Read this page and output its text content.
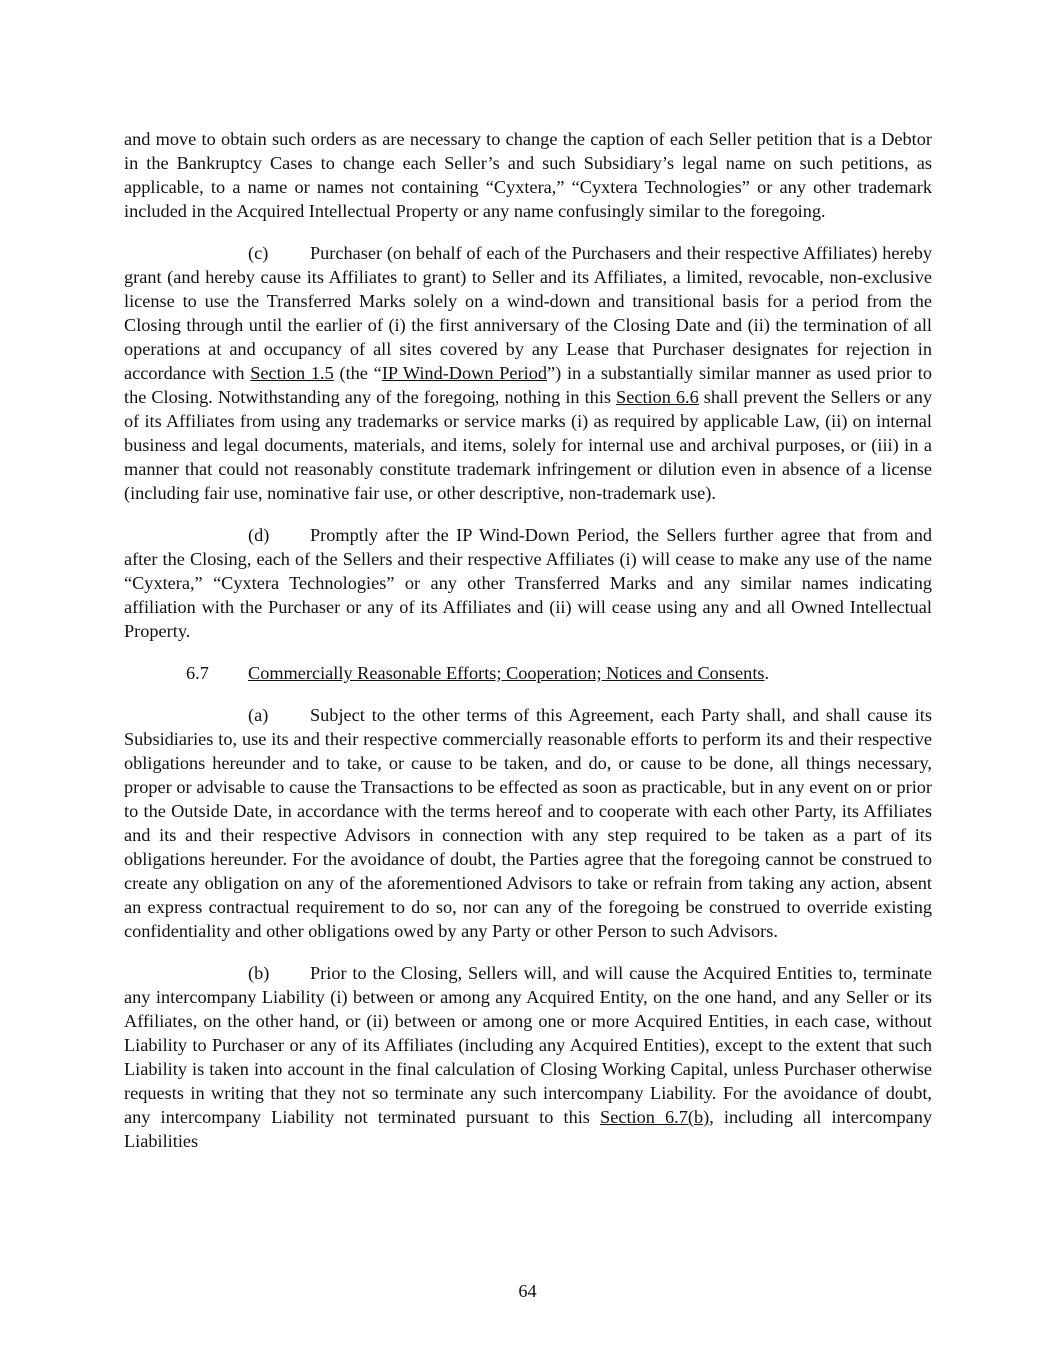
and move to obtain such orders as are necessary to change the caption of each Seller petition that is a Debtor in the Bankruptcy Cases to change each Seller’s and such Subsidiary’s legal name on such petitions, as applicable, to a name or names not containing “Cyxtera,” “Cyxtera Technologies” or any other trademark included in the Acquired Intellectual Property or any name confusingly similar to the foregoing.

(c) Purchaser (on behalf of each of the Purchasers and their respective Affiliates) hereby grant (and hereby cause its Affiliates to grant) to Seller and its Affiliates, a limited, revocable, non-exclusive license to use the Transferred Marks solely on a wind-down and transitional basis for a period from the Closing through until the earlier of (i) the first anniversary of the Closing Date and (ii) the termination of all operations at and occupancy of all sites covered by any Lease that Purchaser designates for rejection in accordance with Section 1.5 (the “IP Wind-Down Period”) in a substantially similar manner as used prior to the Closing. Notwithstanding any of the foregoing, nothing in this Section 6.6 shall prevent the Sellers or any of its Affiliates from using any trademarks or service marks (i) as required by applicable Law, (ii) on internal business and legal documents, materials, and items, solely for internal use and archival purposes, or (iii) in a manner that could not reasonably constitute trademark infringement or dilution even in absence of a license (including fair use, nominative fair use, or other descriptive, non-trademark use).

(d) Promptly after the IP Wind-Down Period, the Sellers further agree that from and after the Closing, each of the Sellers and their respective Affiliates (i) will cease to make any use of the name “Cyxtera,” “Cyxtera Technologies” or any other Transferred Marks and any similar names indicating affiliation with the Purchaser or any of its Affiliates and (ii) will cease using any and all Owned Intellectual Property.

6.7 Commercially Reasonable Efforts; Cooperation; Notices and Consents.

(a) Subject to the other terms of this Agreement, each Party shall, and shall cause its Subsidiaries to, use its and their respective commercially reasonable efforts to perform its and their respective obligations hereunder and to take, or cause to be taken, and do, or cause to be done, all things necessary, proper or advisable to cause the Transactions to be effected as soon as practicable, but in any event on or prior to the Outside Date, in accordance with the terms hereof and to cooperate with each other Party, its Affiliates and its and their respective Advisors in connection with any step required to be taken as a part of its obligations hereunder. For the avoidance of doubt, the Parties agree that the foregoing cannot be construed to create any obligation on any of the aforementioned Advisors to take or refrain from taking any action, absent an express contractual requirement to do so, nor can any of the foregoing be construed to override existing confidentiality and other obligations owed by any Party or other Person to such Advisors.

(b) Prior to the Closing, Sellers will, and will cause the Acquired Entities to, terminate any intercompany Liability (i) between or among any Acquired Entity, on the one hand, and any Seller or its Affiliates, on the other hand, or (ii) between or among one or more Acquired Entities, in each case, without Liability to Purchaser or any of its Affiliates (including any Acquired Entities), except to the extent that such Liability is taken into account in the final calculation of Closing Working Capital, unless Purchaser otherwise requests in writing that they not so terminate any such intercompany Liability. For the avoidance of doubt, any intercompany Liability not terminated pursuant to this Section 6.7(b), including all intercompany Liabilities

64
